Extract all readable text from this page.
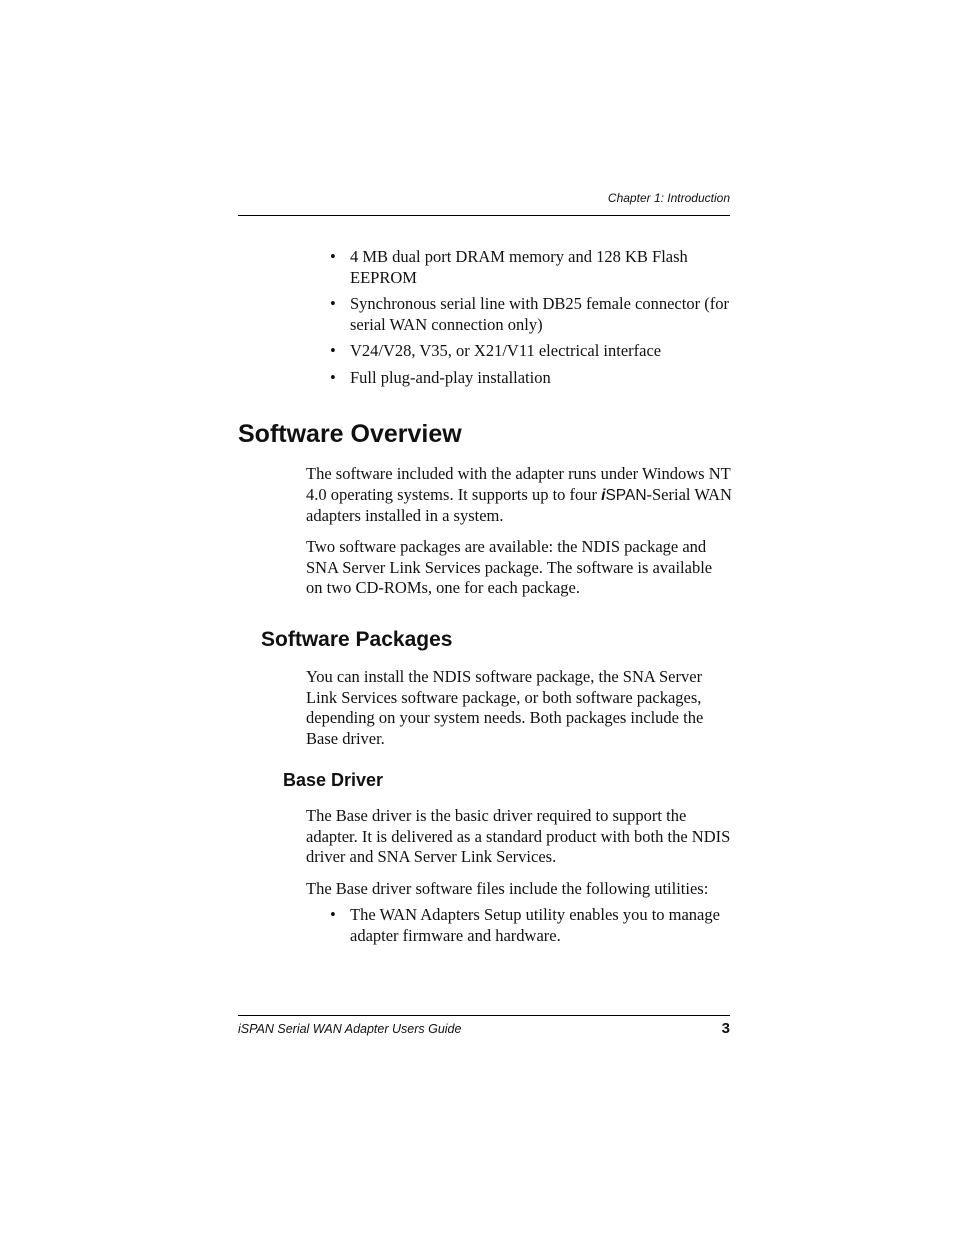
Chapter 1: Introduction
• 4 MB dual port DRAM memory and 128 KB Flash EEPROM
• Synchronous serial line with DB25 female connector (for serial WAN connection only)
• V24/V28, V35, or X21/V11 electrical interface
• Full plug-and-play installation
Software Overview

The software included with the adapter runs under Windows NT 4.0 operating systems. It supports up to four iSPAN-Serial WAN adapters installed in a system.

Two software packages are available: the NDIS package and SNA Server Link Services package. The software is available on two CD-ROMs, one for each package.

Software Packages

You can install the NDIS software package, the SNA Server Link Services software package, or both software packages, depending on your system needs. Both packages include the Base driver.

Base Driver

The Base driver is the basic driver required to support the adapter. It is delivered as a standard product with both the NDIS driver and SNA Server Link Services.

The Base driver software files include the following utilities:

• The WAN Adapters Setup utility enables you to manage adapter firmware and hardware.
iSPAN Serial WAN Adapter Users Guide	3
